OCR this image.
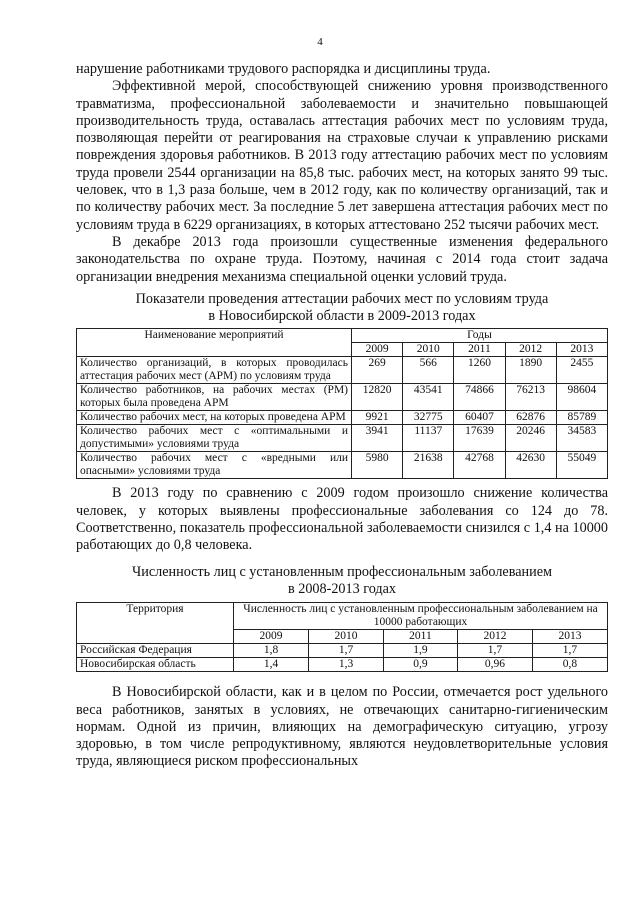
4

нарушение работниками трудового распорядка и дисциплины труда.

Эффективной мерой, способствующей снижению уровня производственного травматизма, профессиональной заболеваемости и значительно повышающей производительность труда, оставалась аттестация рабочих мест по условиям труда, позволяющая перейти от реагирования на страховые случаи к управлению рисками повреждения здоровья работников. В 2013 году аттестацию рабочих мест по условиям труда провели 2544 организации на 85,8 тыс. рабочих мест, на которых занято 99 тыс. человек, что в 1,3 раза больше, чем в 2012 году, как по количеству организаций, так и по количеству рабочих мест. За последние 5 лет завершена аттестация рабочих мест по условиям труда в 6229 организациях, в которых аттестовано 252 тысячи рабочих мест.

В декабре 2013 года произошли существенные изменения федерального законодательства по охране труда. Поэтому, начиная с 2014 года стоит задача организации внедрения механизма специальной оценки условий труда.

Показатели проведения аттестации рабочих мест по условиям труда
в Новосибирской области в 2009-2013 годах
Наименование мероприятий	Годы				
	2009	2010	2011	2012	2013
Количество организаций, в которых проводилась аттестация рабочих мест (АРМ) по условиям труда	269	566	1260	1890	2455
Количество работников, на рабочих местах (РМ) которых была проведена АРМ	12820	43541	74866	76213	98604
Количество рабочих мест, на которых проведена АРМ	9921	32775	60407	62876	85789
Количество рабочих мест с «оптимальными и допустимыми» условиями труда	3941	11137	17639	20246	34583
Количество рабочих мест с «вредными или опасными» условиями труда	5980	21638	42768	42630	55049

В 2013 году по сравнению с 2009 годом произошло снижение количества человек, у которых выявлены профессиональные заболевания со 124 до 78. Соответственно, показатель профессиональной заболеваемости снизился с 1,4 на 10000 работающих до 0,8 человека.

Численность лиц с установленным профессиональным заболеванием
в 2008-2013 годах
Территория	Численность лиц с установленным профессиональным заболеванием на 10000 работающих				
	2009	2010	2011	2012	2013
Российская Федерация	1,8	1,7	1,9	1,7	1,7
Новосибирская область	1,4	1,3	0,9	0,96	0,8

В Новосибирской области, как и в целом по России, отмечается рост удельного веса работников, занятых в условиях, не отвечающих санитарно-гигиеническим нормам. Одной из причин, влияющих на демографическую ситуацию, угрозу здоровью, в том числе репродуктивному, являются неудовлетворительные условия труда, являющиеся риском профессиональных
